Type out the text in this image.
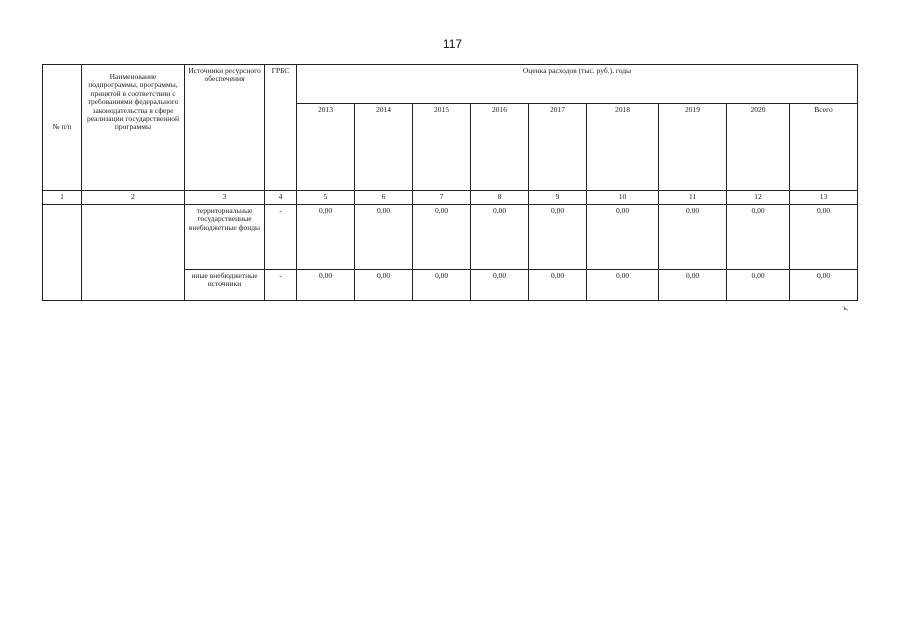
117
№ п/п	Наименование подпрограммы, программы, принятой в соответствии с требованиями федерального законодательства в сфере реализации государственной программы	Источники ресурсного обеспечения	ГРБС	Оценка расходов (тыс. руб.), годы								
				2013	2014	2015	2016	2017	2018	2019	2020	Всего
1	2	3	4	5	6	7	8	9	10	11	12	13
		территориальные государственные внебюджетные фонды	-	0,00	0,00	0,00	0,00	0,00	0,00	0,00	0,00	0,00
		иные внебюджетные источники	-	0,00	0,00	0,00	0,00	0,00	0,00	0,00	0,00	0,00
ъ,
